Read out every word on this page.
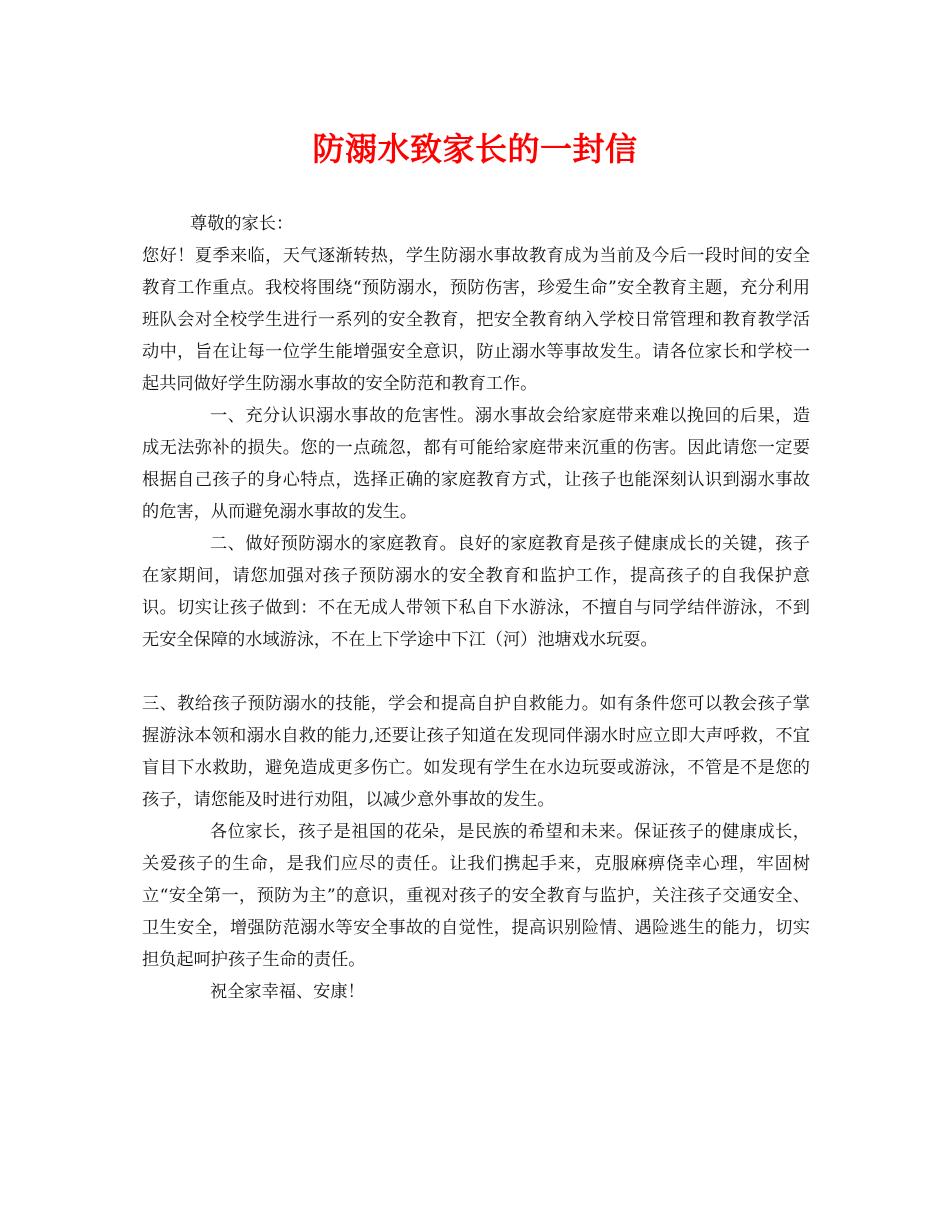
防溺水致家长的一封信

尊敬的家长：

您好！夏季来临，天气逐渐转热，学生防溺水事故教育成为当前及今后一段时间的安全教育工作重点。我校将围绕“预防溺水，预防伤害，珍爱生命”安全教育主题，充分利用班队会对全校学生进行一系列的安全教育，把安全教育纳入学校日常管理和教育教学活动中，旨在让每一位学生能增强安全意识，防止溺水等事故发生。请各位家长和学校一起共同做好学生防溺水事故的安全防范和教育工作。

一、充分认识溺水事故的危害性。溺水事故会给家庭带来难以挽回的后果，造成无法弥补的损失。您的一点疏忽，都有可能给家庭带来沉重的伤害。因此请您一定要根据自己孩子的身心特点，选择正确的家庭教育方式，让孩子也能深刻认识到溺水事故的危害，从而避免溺水事故的发生。

二、做好预防溺水的家庭教育。良好的家庭教育是孩子健康成长的关键，孩子在家期间，请您加强对孩子预防溺水的安全教育和监护工作，提高孩子的自我保护意识。切实让孩子做到：不在无成人带领下私自下水游泳，不擅自与同学结伴游泳，不到无安全保障的水域游泳，不在上下学途中下江（河）池塘戏水玩耍。

三、教给孩子预防溺水的技能，学会和提高自护自救能力。如有条件您可以教会孩子掌握游泳本领和溺水自救的能力,还要让孩子知道在发现同伴溺水时应立即大声呼救，不宜盲目下水救助，避免造成更多伤亡。如发现有学生在水边玩耍或游泳，不管是不是您的孩子，请您能及时进行劝阻，以减少意外事故的发生。

各位家长，孩子是祖国的花朵，是民族的希望和未来。保证孩子的健康成长，关爱孩子的生命，是我们应尽的责任。让我们携起手来，克服麻痹侥幸心理，牢固树立“安全第一，预防为主”的意识，重视对孩子的安全教育与监护，关注孩子交通安全、卫生安全，增强防范溺水等安全事故的自觉性，提高识别险情、遇险逃生的能力，切实担负起呵护孩子生命的责任。

祝全家幸福、安康！
